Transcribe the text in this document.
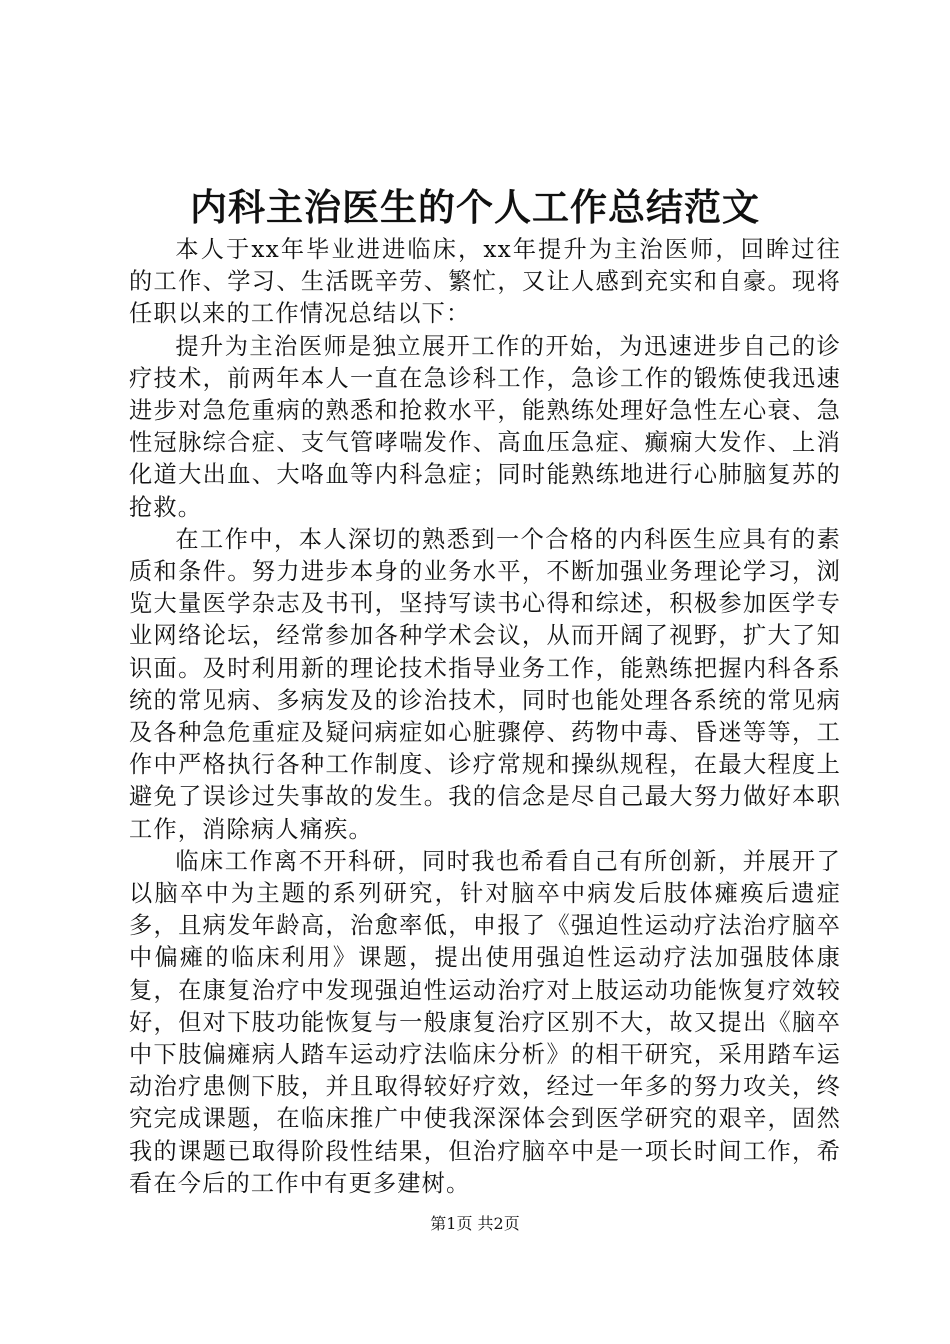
内科主治医生的个人工作总结范文

本人于xx年毕业进进临床，xx年提升为主治医师，回眸过往的工作、学习、生活既辛劳、繁忙，又让人感到充实和自豪。现将任职以来的工作情况总结以下：

提升为主治医师是独立展开工作的开始，为迅速进步自己的诊疗技术，前两年本人一直在急诊科工作，急诊工作的锻炼使我迅速进步对急危重病的熟悉和抢救水平，能熟练处理好急性左心衰、急性冠脉综合症、支气管哮喘发作、高血压急症、癫痫大发作、上消化道大出血、大咯血等内科急症；同时能熟练地进行心肺脑复苏的抢救。

在工作中，本人深切的熟悉到一个合格的内科医生应具有的素质和条件。努力进步本身的业务水平，不断加强业务理论学习，浏览大量医学杂志及书刊，坚持写读书心得和综述，积极参加医学专业网络论坛，经常参加各种学术会议，从而开阔了视野，扩大了知识面。及时利用新的理论技术指导业务工作，能熟练把握内科各系统的常见病、多病发及的诊治技术，同时也能处理各系统的常见病及各种急危重症及疑问病症如心脏骤停、药物中毒、昏迷等等，工作中严格执行各种工作制度、诊疗常规和操纵规程，在最大程度上避免了误诊过失事故的发生。我的信念是尽自己最大努力做好本职工作，消除病人痛疾。

临床工作离不开科研，同时我也希看自己有所创新，并展开了以脑卒中为主题的系列研究，针对脑卒中病发后肢体瘫痪后遗症多，且病发年龄高，治愈率低，申报了《强迫性运动疗法治疗脑卒中偏瘫的临床利用》课题，提出使用强迫性运动疗法加强肢体康复，在康复治疗中发现强迫性运动治疗对上肢运动功能恢复疗效较好，但对下肢功能恢复与一般康复治疗区别不大，故又提出《脑卒中下肢偏瘫病人踏车运动疗法临床分析》的相干研究，采用踏车运动治疗患侧下肢，并且取得较好疗效，经过一年多的努力攻关，终究完成课题，在临床推广中使我深深体会到医学研究的艰辛，固然我的课题已取得阶段性结果，但治疗脑卒中是一项长时间工作，希看在今后的工作中有更多建树。

第1页 共2页
